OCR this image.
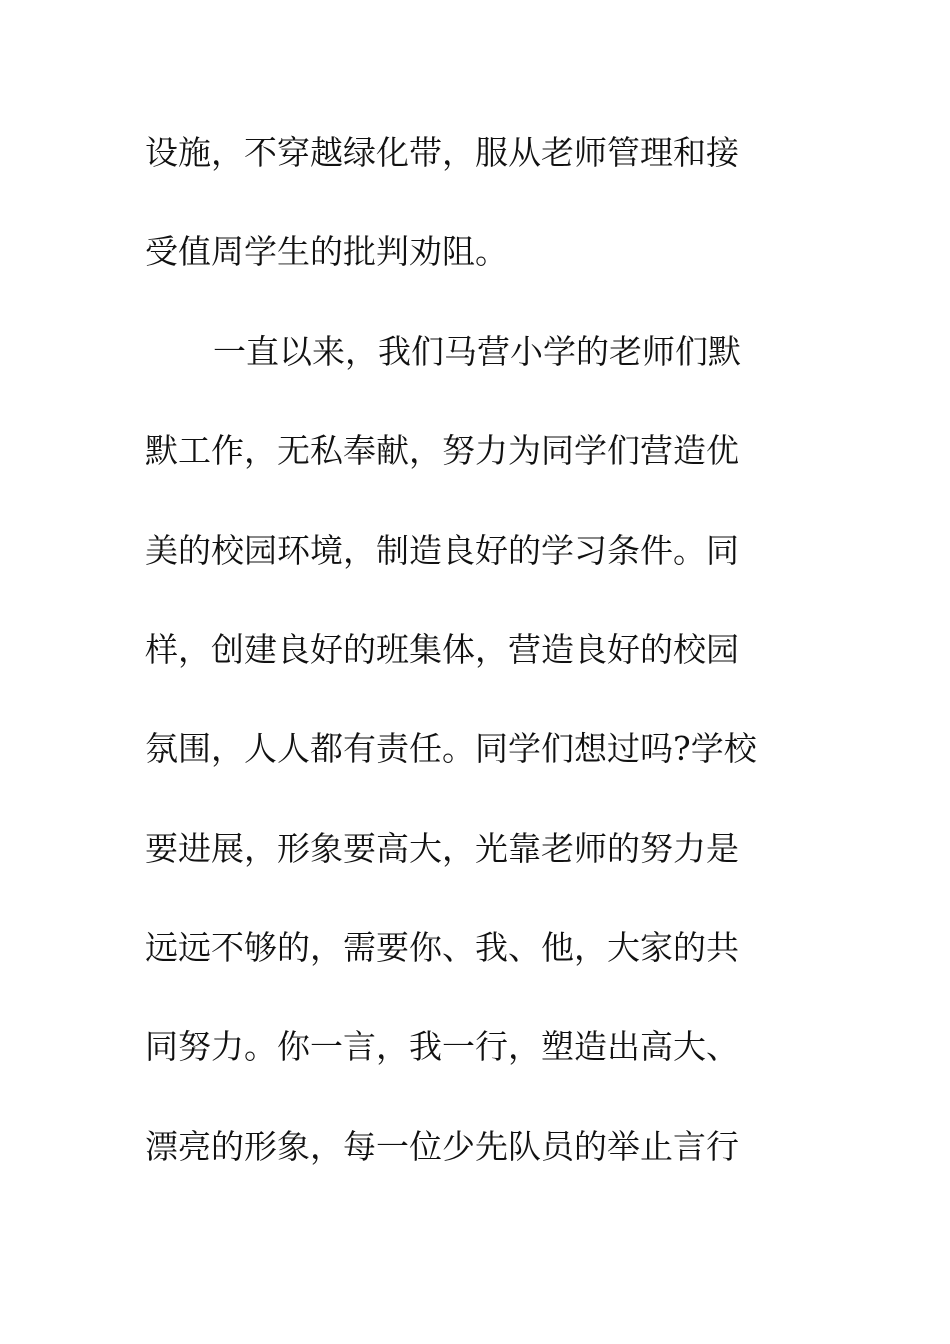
设施，不穿越绿化带，服从老师管理和接
受值周学生的批判劝阻。
一直以来，我们马营小学的老师们默
默工作，无私奉献，努力为同学们营造优
美的校园环境，制造良好的学习条件。同
样，创建良好的班集体，营造良好的校园
氛围，人人都有责任。同学们想过吗?学校
要进展，形象要高大，光靠老师的努力是
远远不够的，需要你、我、他，大家的共
同努力。你一言，我一行，塑造出高大、
漂亮的形象，每一位少先队员的举止言行
